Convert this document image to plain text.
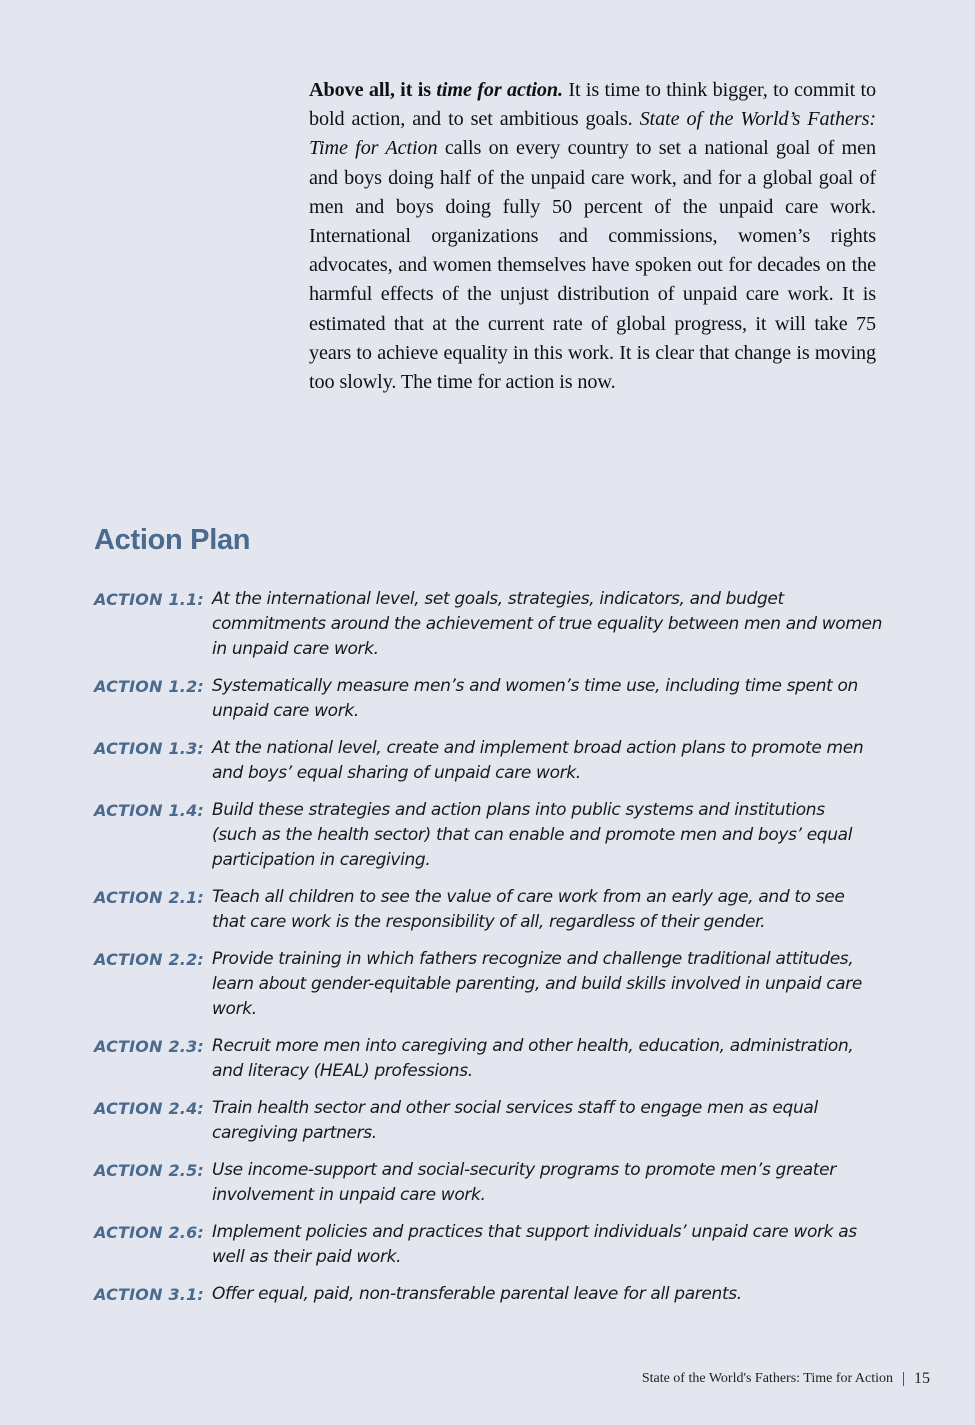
Above all, it is time for action. It is time to think bigger, to commit to bold action, and to set ambitious goals. State of the World’s Fathers: Time for Action calls on every country to set a national goal of men and boys doing half of the unpaid care work, and for a global goal of men and boys doing fully 50 percent of the unpaid care work. International organizations and commissions, women’s rights advocates, and women themselves have spoken out for decades on the harmful effects of the unjust distribution of unpaid care work. It is estimated that at the current rate of global progress, it will take 75 years to achieve equality in this work. It is clear that change is moving too slowly. The time for action is now.
Action Plan
ACTION 1.1: At the international level, set goals, strategies, indicators, and budget
commitments around the achievement of true equality between men and women
in unpaid care work.
ACTION 1.2: Systematically measure men’s and women’s time use, including time spent on
unpaid care work.
ACTION 1.3: At the national level, create and implement broad action plans to promote men
and boys’ equal sharing of unpaid care work.
ACTION 1.4: Build these strategies and action plans into public systems and institutions
(such as the health sector) that can enable and promote men and boys’ equal
participation in caregiving.
ACTION 2.1: Teach all children to see the value of care work from an early age, and to see
that care work is the responsibility of all, regardless of their gender.
ACTION 2.2: Provide training in which fathers recognize and challenge traditional attitudes,
learn about gender-equitable parenting, and build skills involved in unpaid care
work.
ACTION 2.3: Recruit more men into caregiving and other health, education, administration,
and literacy (HEAL) professions.
ACTION 2.4: Train health sector and other social services staff to engage men as equal
caregiving partners.
ACTION 2.5: Use income-support and social-security programs to promote men’s greater
involvement in unpaid care work.
ACTION 2.6: Implement policies and practices that support individuals’ unpaid care work as
well as their paid work.
ACTION 3.1: Offer equal, paid, non-transferable parental leave for all parents.
State of the World's Fathers: Time for Action 15
